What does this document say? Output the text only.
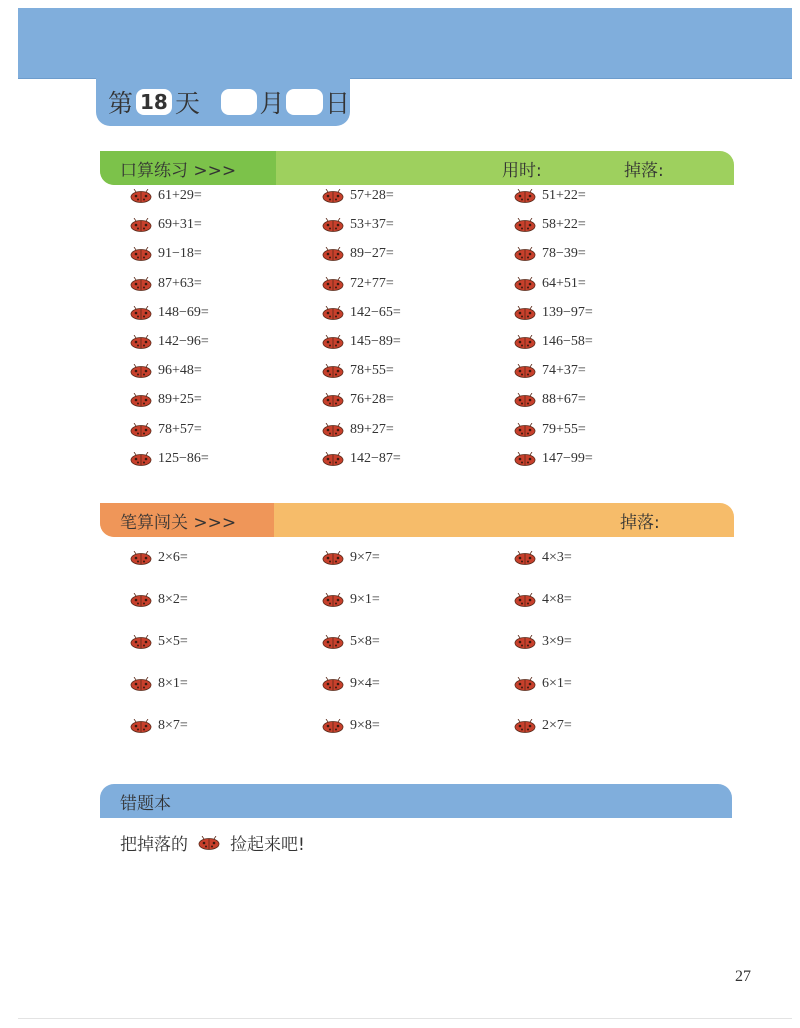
第 18 天 月 日
口算练习 >>>	用时:	掉落:
61+29=	57+28=	51+22=
69+31=	53+37=	58+22=
91−18=	89−27=	78−39=
87+63=	72+77=	64+51=
148−69=	142−65=	139−97=
142−96=	145−89=	146−58=
96+48=	78+55=	74+37=
89+25=	76+28=	88+67=
78+57=	89+27=	79+55=
125−86=	142−87=	147−99=
笔算闯关 >>>	掉落:
2×6=	9×7=	4×3=
8×2=	9×1=	4×8=
5×5=	5×8=	3×9=
8×1=	9×4=	6×1=
8×7=	9×8=	2×7=
错题本
把掉落的 捡起来吧!
27
